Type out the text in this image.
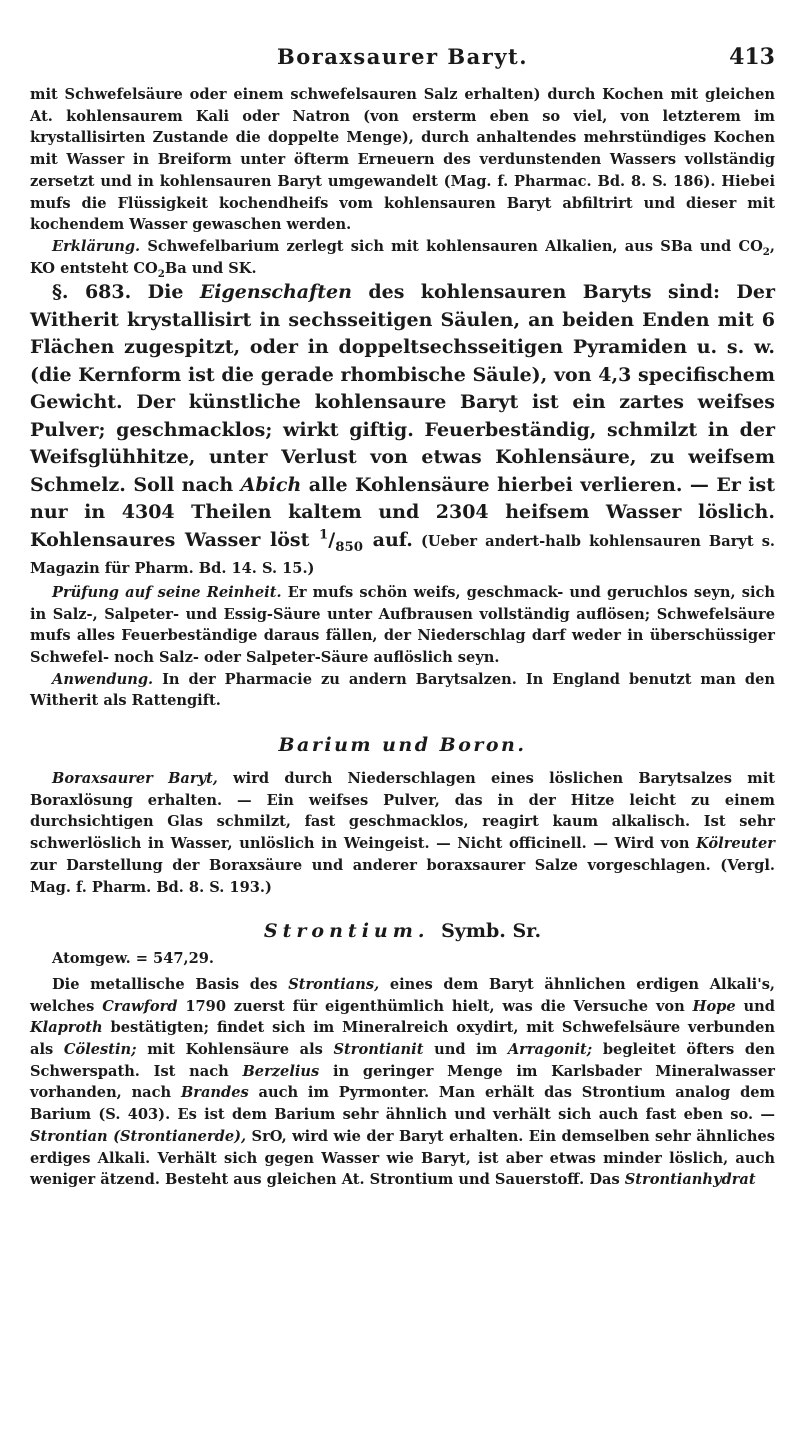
Boraxsaurer Baryt.	413

mit Schwefelsäure oder einem schwefelsauren Salz erhalten) durch Kochen mit gleichen At. kohlensaurem Kali oder Natron (von ersterm eben so viel, von letzterem im krystallisirten Zustande die doppelte Menge), durch anhaltendes mehrstündiges Kochen mit Wasser in Breiform unter öfterm Erneuern des verdunstenden Wassers vollständig zersetzt und in kohlensauren Baryt umgewandelt (Mag. f. Pharmac. Bd. 8. S. 186). Hiebei mufs die Flüssigkeit kochendheifs vom kohlensauren Baryt abfiltrirt und dieser mit kochendem Wasser gewaschen werden.

Erklärung. Schwefelbarium zerlegt sich mit kohlensauren Alkalien, aus SBa und $CO_2$, KO entsteht $CO_2Ba$ und SK.

§. 683. Die Eigenschaften des kohlensauren Baryts sind: Der Witherit krystallisirt in sechsseitigen Säulen, an beiden Enden mit 6 Flächen zugespitzt, oder in doppeltsechsseitigen Pyramiden u. s. w. (die Kernform ist die gerade rhombische Säule), von 4,3 specifischem Gewicht. Der künstliche kohlensaure Baryt ist ein zartes weifses Pulver; geschmacklos; wirkt giftig. Feuerbeständig, schmilzt in der Weifsglühhitze, unter Verlust von etwas Kohlensäure, zu weifsem Schmelz. Soll nach Abich alle Kohlensäure hierbei verlieren. — Er ist nur in 4304 Theilen kaltem und 2304 heifsem Wasser löslich. Kohlensaures Wasser löst $^1/_{850}$ auf. (Ueber andert-halb kohlensauren Baryt s. Magazin für Pharm. Bd. 14. S. 15.)

Prüfung auf seine Reinheit. Er mufs schön weifs, geschmack- und geruchlos seyn, sich in Salz-, Salpeter- und Essig-Säure unter Aufbrausen vollständig auflösen; Schwefelsäure mufs alles Feuerbeständige daraus fällen, der Niederschlag darf weder in überschüssiger Schwefel- noch Salz- oder Salpeter-Säure auflöslich seyn.

Anwendung. In der Pharmacie zu andern Barytsalzen. In England benutzt man den Witherit als Rattengift.

Barium und Boron.

Boraxsaurer Baryt, wird durch Niederschlagen eines löslichen Barytsalzes mit Boraxlösung erhalten. — Ein weifses Pulver, das in der Hitze leicht zu einem durchsichtigen Glas schmilzt, fast geschmacklos, reagirt kaum alkalisch. Ist sehr schwerlöslich in Wasser, unlöslich in Weingeist. — Nicht officinell. — Wird von Kölreuter zur Darstellung der Boraxsäure und anderer boraxsaurer Salze vorgeschlagen. (Vergl. Mag. f. Pharm. Bd. 8. S. 193.)

Strontium. Symb. Sr.

Atomgew. = 547,29.

Die metallische Basis des Strontians, eines dem Baryt ähnlichen erdigen Alkali's, welches Crawford 1790 zuerst für eigenthümlich hielt, was die Versuche von Hope und Klaproth bestätigten; findet sich im Mineralreich oxydirt, mit Schwefelsäure verbunden als Cölestin; mit Kohlensäure als Strontianit und im Arragonit; begleitet öfters den Schwerspath. Ist nach Berzelius in geringer Menge im Karlsbader Mineralwasser vorhanden, nach Brandes auch im Pyrmonter. Man erhält das Strontium analog dem Barium (S. 403). Es ist dem Barium sehr ähnlich und verhält sich auch fast eben so. — Strontian (Strontianerde), SrO, wird wie der Baryt erhalten. Ein demselben sehr ähnliches erdiges Alkali. Verhält sich gegen Wasser wie Baryt, ist aber etwas minder löslich, auch weniger ätzend. Besteht aus gleichen At. Strontium und Sauerstoff. Das Strontianhydrat
